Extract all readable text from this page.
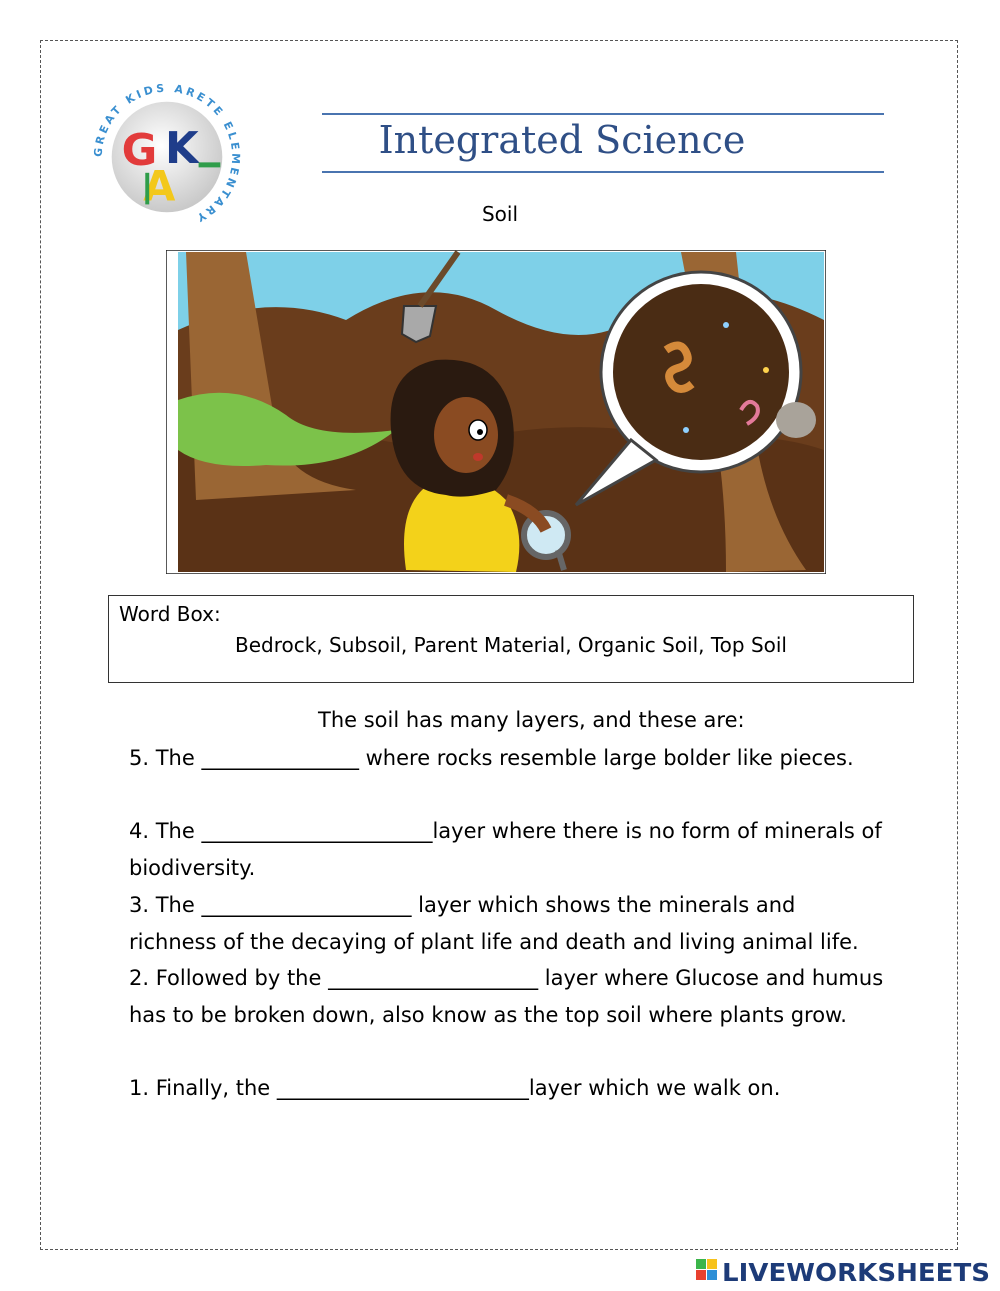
GREAT KIDS ARETE ELEMENTARY
G K
A
Integrated Science
Soil
Word Box:
Bedrock, Subsoil, Parent Material, Organic Soil, Top Soil
The soil has many layers, and these are:
5. The _______________ where rocks resemble large bolder like pieces.
4. The ______________________layer where there is no form of minerals of biodiversity.
3. The ____________________ layer which shows the minerals and richness of the decaying of plant life and death and living animal life.
2. Followed by the ____________________ layer where Glucose and humus has to be broken down, also know as the top soil where plants grow.
1. Finally, the ________________________layer which we walk on.
LIVEWORKSHEETS
